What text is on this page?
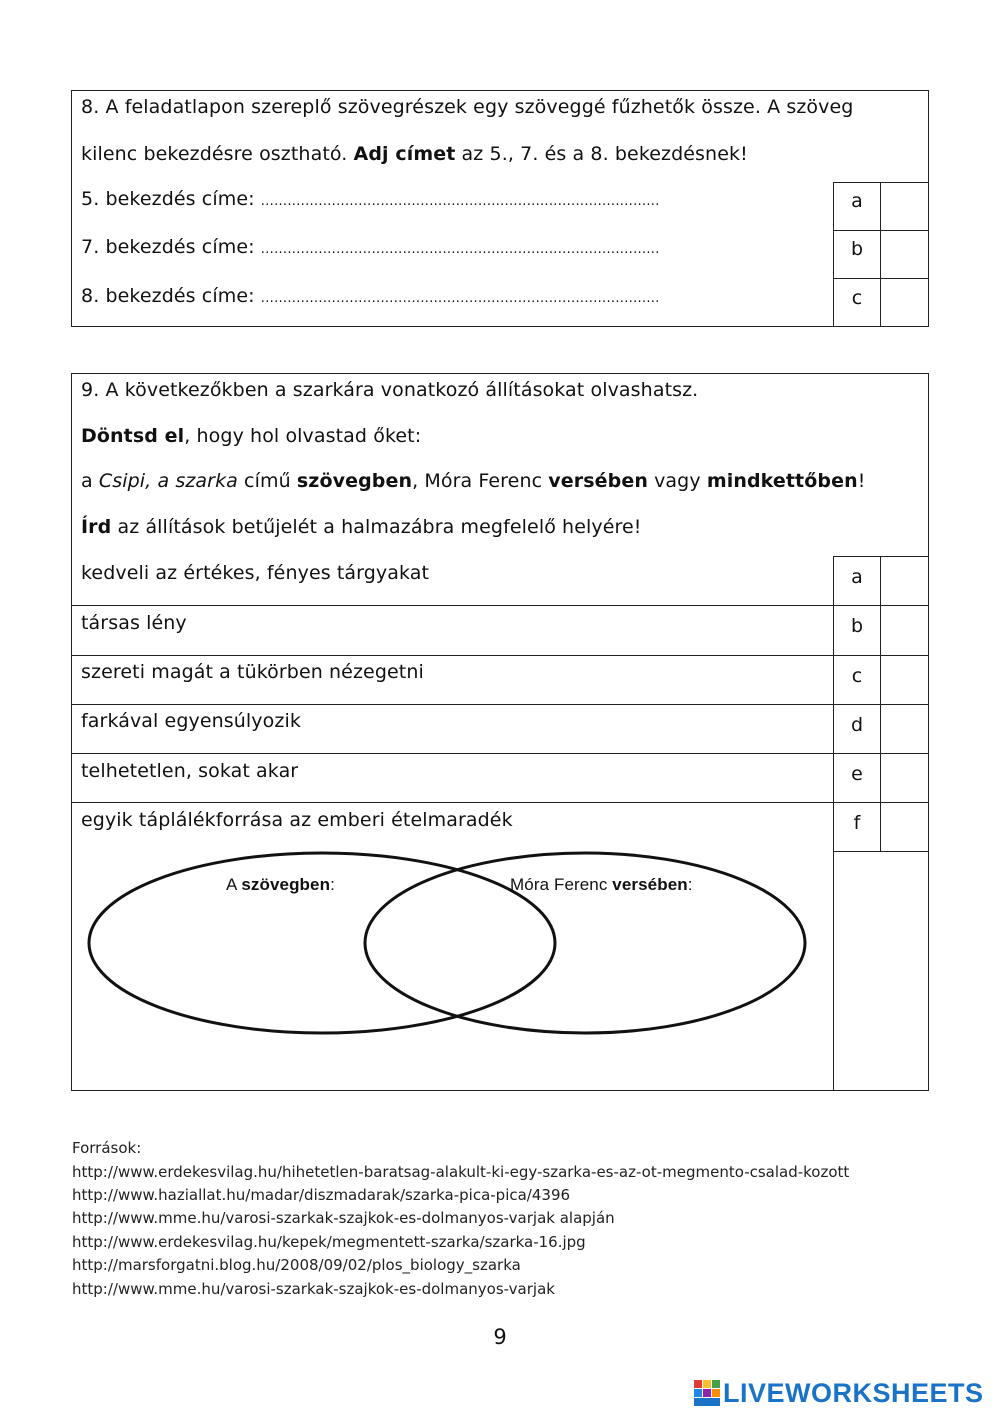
8. A feladatlapon szereplő szövegrészek egy szöveggé fűzhetők össze. A szöveg
kilenc bekezdésre osztható. Adj címet az 5., 7. és a 8. bekezdésnek!
5. bekezdés címe: ..........................................................................................	a
7. bekezdés címe: ..........................................................................................	b
8. bekezdés címe: ..........................................................................................	c
9. A következőkben a szarkára vonatkozó állításokat olvashatsz.
Döntsd el, hogy hol olvastad őket:
a Csipi, a szarka című szövegben, Móra Ferenc versében vagy mindkettőben!
Írd az állítások betűjelét a halmazábra megfelelő helyére!
kedveli az értékes, fényes tárgyakat	a
társas lény	b
szereti magát a tükörben nézegetni	c
farkával egyensúlyozik	d
telhetetlen, sokat akar	e
egyik táplálékforrása az emberi ételmaradék	f
A szövegben:	Móra Ferenc versében:
Források:
http://www.erdekesvilag.hu/hihetetlen-baratsag-alakult-ki-egy-szarka-es-az-ot-megmento-csalad-kozott
http://www.haziallat.hu/madar/diszmadarak/szarka-pica-pica/4396
http://www.mme.hu/varosi-szarkak-szajkok-es-dolmanyos-varjak alapján
http://www.erdekesvilag.hu/kepek/megmentett-szarka/szarka-16.jpg
http://marsforgatni.blog.hu/2008/09/02/plos_biology_szarka
http://www.mme.hu/varosi-szarkak-szajkok-es-dolmanyos-varjak
9
LIVEWORKSHEETS
